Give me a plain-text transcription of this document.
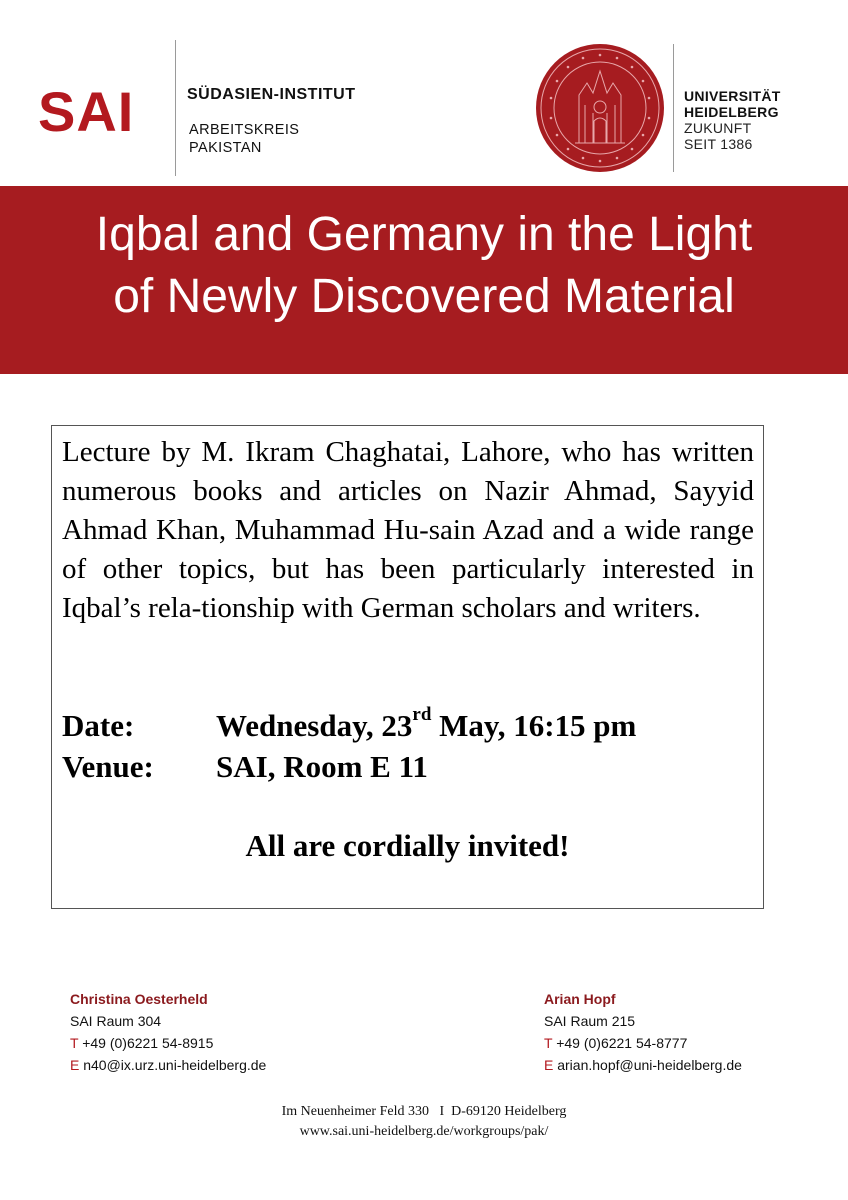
SAI	SÜDASIEN-INSTITUT
ARBEITSKREIS
PAKISTAN
UNIVERSITÄT
HEIDELBERG
ZUKUNFT
SEIT 1386
Iqbal and Germany in the Light
of Newly Discovered Material
Lecture by M. Ikram Chaghatai, Lahore, who has written numerous books and articles on Nazir Ahmad, Sayyid Ahmad Khan, Muhammad Hu-sain Azad and a wide range of other topics, but has been particularly interested in Iqbal’s rela-tionship with German scholars and writers.
Date:	Wednesday, 23rd May, 16:15 pm
Venue: SAI, Room E 11
All are cordially invited!
Christina Oesterheld
SAI Raum 304
T +49 (0)6221 54-8915
E n40@ix.urz.uni-heidelberg.de
Arian Hopf
SAI Raum 215
T +49 (0)6221 54-8777
E arian.hopf@uni-heidelberg.de
Im Neuenheimer Feld 330   I  D-69120 Heidelberg
www.sai.uni-heidelberg.de/workgroups/pak/
